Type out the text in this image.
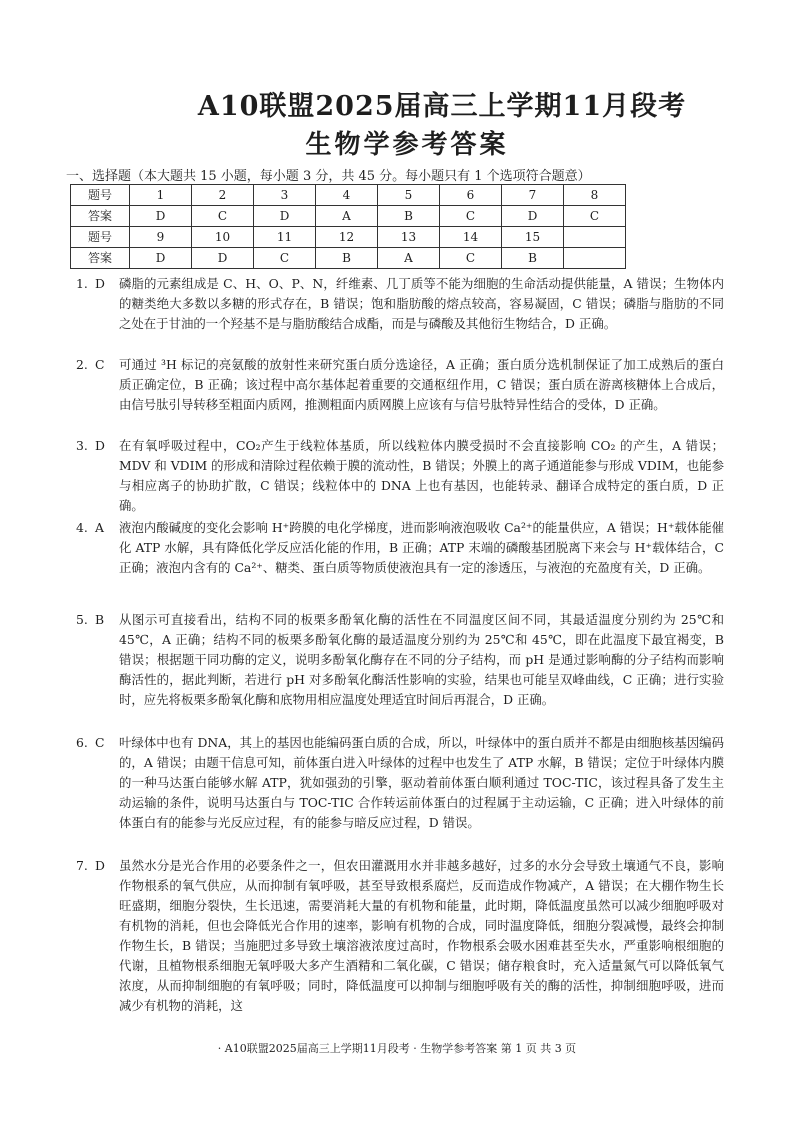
A10联盟2025届高三上学期11月段考
生物学参考答案
一、选择题（本大题共 15 小题，每小题 3 分，共 45 分。每小题只有 1 个选项符合题意）
题号	1	2	3	4	5	6	7	8
答案	D	C	D	A	B	C	D	C
题号	9	10	11	12	13	14	15	
答案	D	D	C	B	A	C	B	
1. D	磷脂的元素组成是 C、H、O、P、N，纤维素、几丁质等不能为细胞的生命活动提供能量，A 错误；生物体内的糖类绝大多数以多糖的形式存在，B 错误；饱和脂肪酸的熔点较高，容易凝固，C 错误；磷脂与脂肪的不同之处在于甘油的一个羟基不是与脂肪酸结合成酯，而是与磷酸及其他衍生物结合，D 正确。
2. C	可通过 ³H 标记的亮氨酸的放射性来研究蛋白质分选途径，A 正确；蛋白质分选机制保证了加工成熟后的蛋白质正确定位，B 正确；该过程中高尔基体起着重要的交通枢纽作用，C 错误；蛋白质在游离核糖体上合成后，由信号肽引导转移至粗面内质网，推测粗面内质网膜上应该有与信号肽特异性结合的受体，D 正确。
3. D	在有氧呼吸过程中，CO₂产生于线粒体基质，所以线粒体内膜受损时不会直接影响 CO₂ 的产生，A 错误；MDV 和 VDIM 的形成和清除过程依赖于膜的流动性，B 错误；外膜上的离子通道能参与形成 VDIM，也能参与相应离子的协助扩散，C 错误；线粒体中的 DNA 上也有基因，也能转录、翻译合成特定的蛋白质，D 正确。
4. A	液泡内酸碱度的变化会影响 H⁺跨膜的电化学梯度，进而影响液泡吸收 Ca²⁺的能量供应，A 错误；H⁺载体能催化 ATP 水解，具有降低化学反应活化能的作用，B 正确；ATP 末端的磷酸基团脱离下来会与 H⁺载体结合，C 正确；液泡内含有的 Ca²⁺、糖类、蛋白质等物质使液泡具有一定的渗透压，与液泡的充盈度有关，D 正确。
5. B	从图示可直接看出，结构不同的板栗多酚氧化酶的活性在不同温度区间不同，其最适温度分别约为 25℃和 45℃，A 正确；结构不同的板栗多酚氧化酶的最适温度分别约为 25℃和 45℃，即在此温度下最宜褐变，B 错误；根据题干同功酶的定义，说明多酚氧化酶存在不同的分子结构，而 pH 是通过影响酶的分子结构而影响酶活性的，据此判断，若进行 pH 对多酚氧化酶活性影响的实验，结果也可能呈双峰曲线，C 正确；进行实验时，应先将板栗多酚氧化酶和底物用相应温度处理适宜时间后再混合，D 正确。
6. C	叶绿体中也有 DNA，其上的基因也能编码蛋白质的合成，所以，叶绿体中的蛋白质并不都是由细胞核基因编码的，A 错误；由题干信息可知，前体蛋白进入叶绿体的过程中也发生了 ATP 水解，B 错误；定位于叶绿体内膜的一种马达蛋白能够水解 ATP，犹如强劲的引擎，驱动着前体蛋白顺利通过 TOC-TIC，该过程具备了发生主动运输的条件，说明马达蛋白与 TOC-TIC 合作转运前体蛋白的过程属于主动运输，C 正确；进入叶绿体的前体蛋白有的能参与光反应过程，有的能参与暗反应过程，D 错误。
7. D	虽然水分是光合作用的必要条件之一，但农田灌溉用水并非越多越好，过多的水分会导致土壤通气不良，影响作物根系的氧气供应，从而抑制有氧呼吸，甚至导致根系腐烂，反而造成作物减产，A 错误；在大棚作物生长旺盛期，细胞分裂快，生长迅速，需要消耗大量的有机物和能量，此时期，降低温度虽然可以减少细胞呼吸对有机物的消耗，但也会降低光合作用的速率，影响有机物的合成，同时温度降低，细胞分裂减慢，最终会抑制作物生长，B 错误；当施肥过多导致土壤溶液浓度过高时，作物根系会吸水困难甚至失水，严重影响根细胞的代谢，且植物根系细胞无氧呼吸大多产生酒精和二氧化碳，C 错误；储存粮食时，充入适量氮气可以降低氧气浓度，从而抑制细胞的有氧呼吸；同时，降低温度可以抑制与细胞呼吸有关的酶的活性，抑制细胞呼吸，进而减少有机物的消耗，这
· A10联盟2025届高三上学期11月段考 · 生物学参考答案 第 1 页 共 3 页
